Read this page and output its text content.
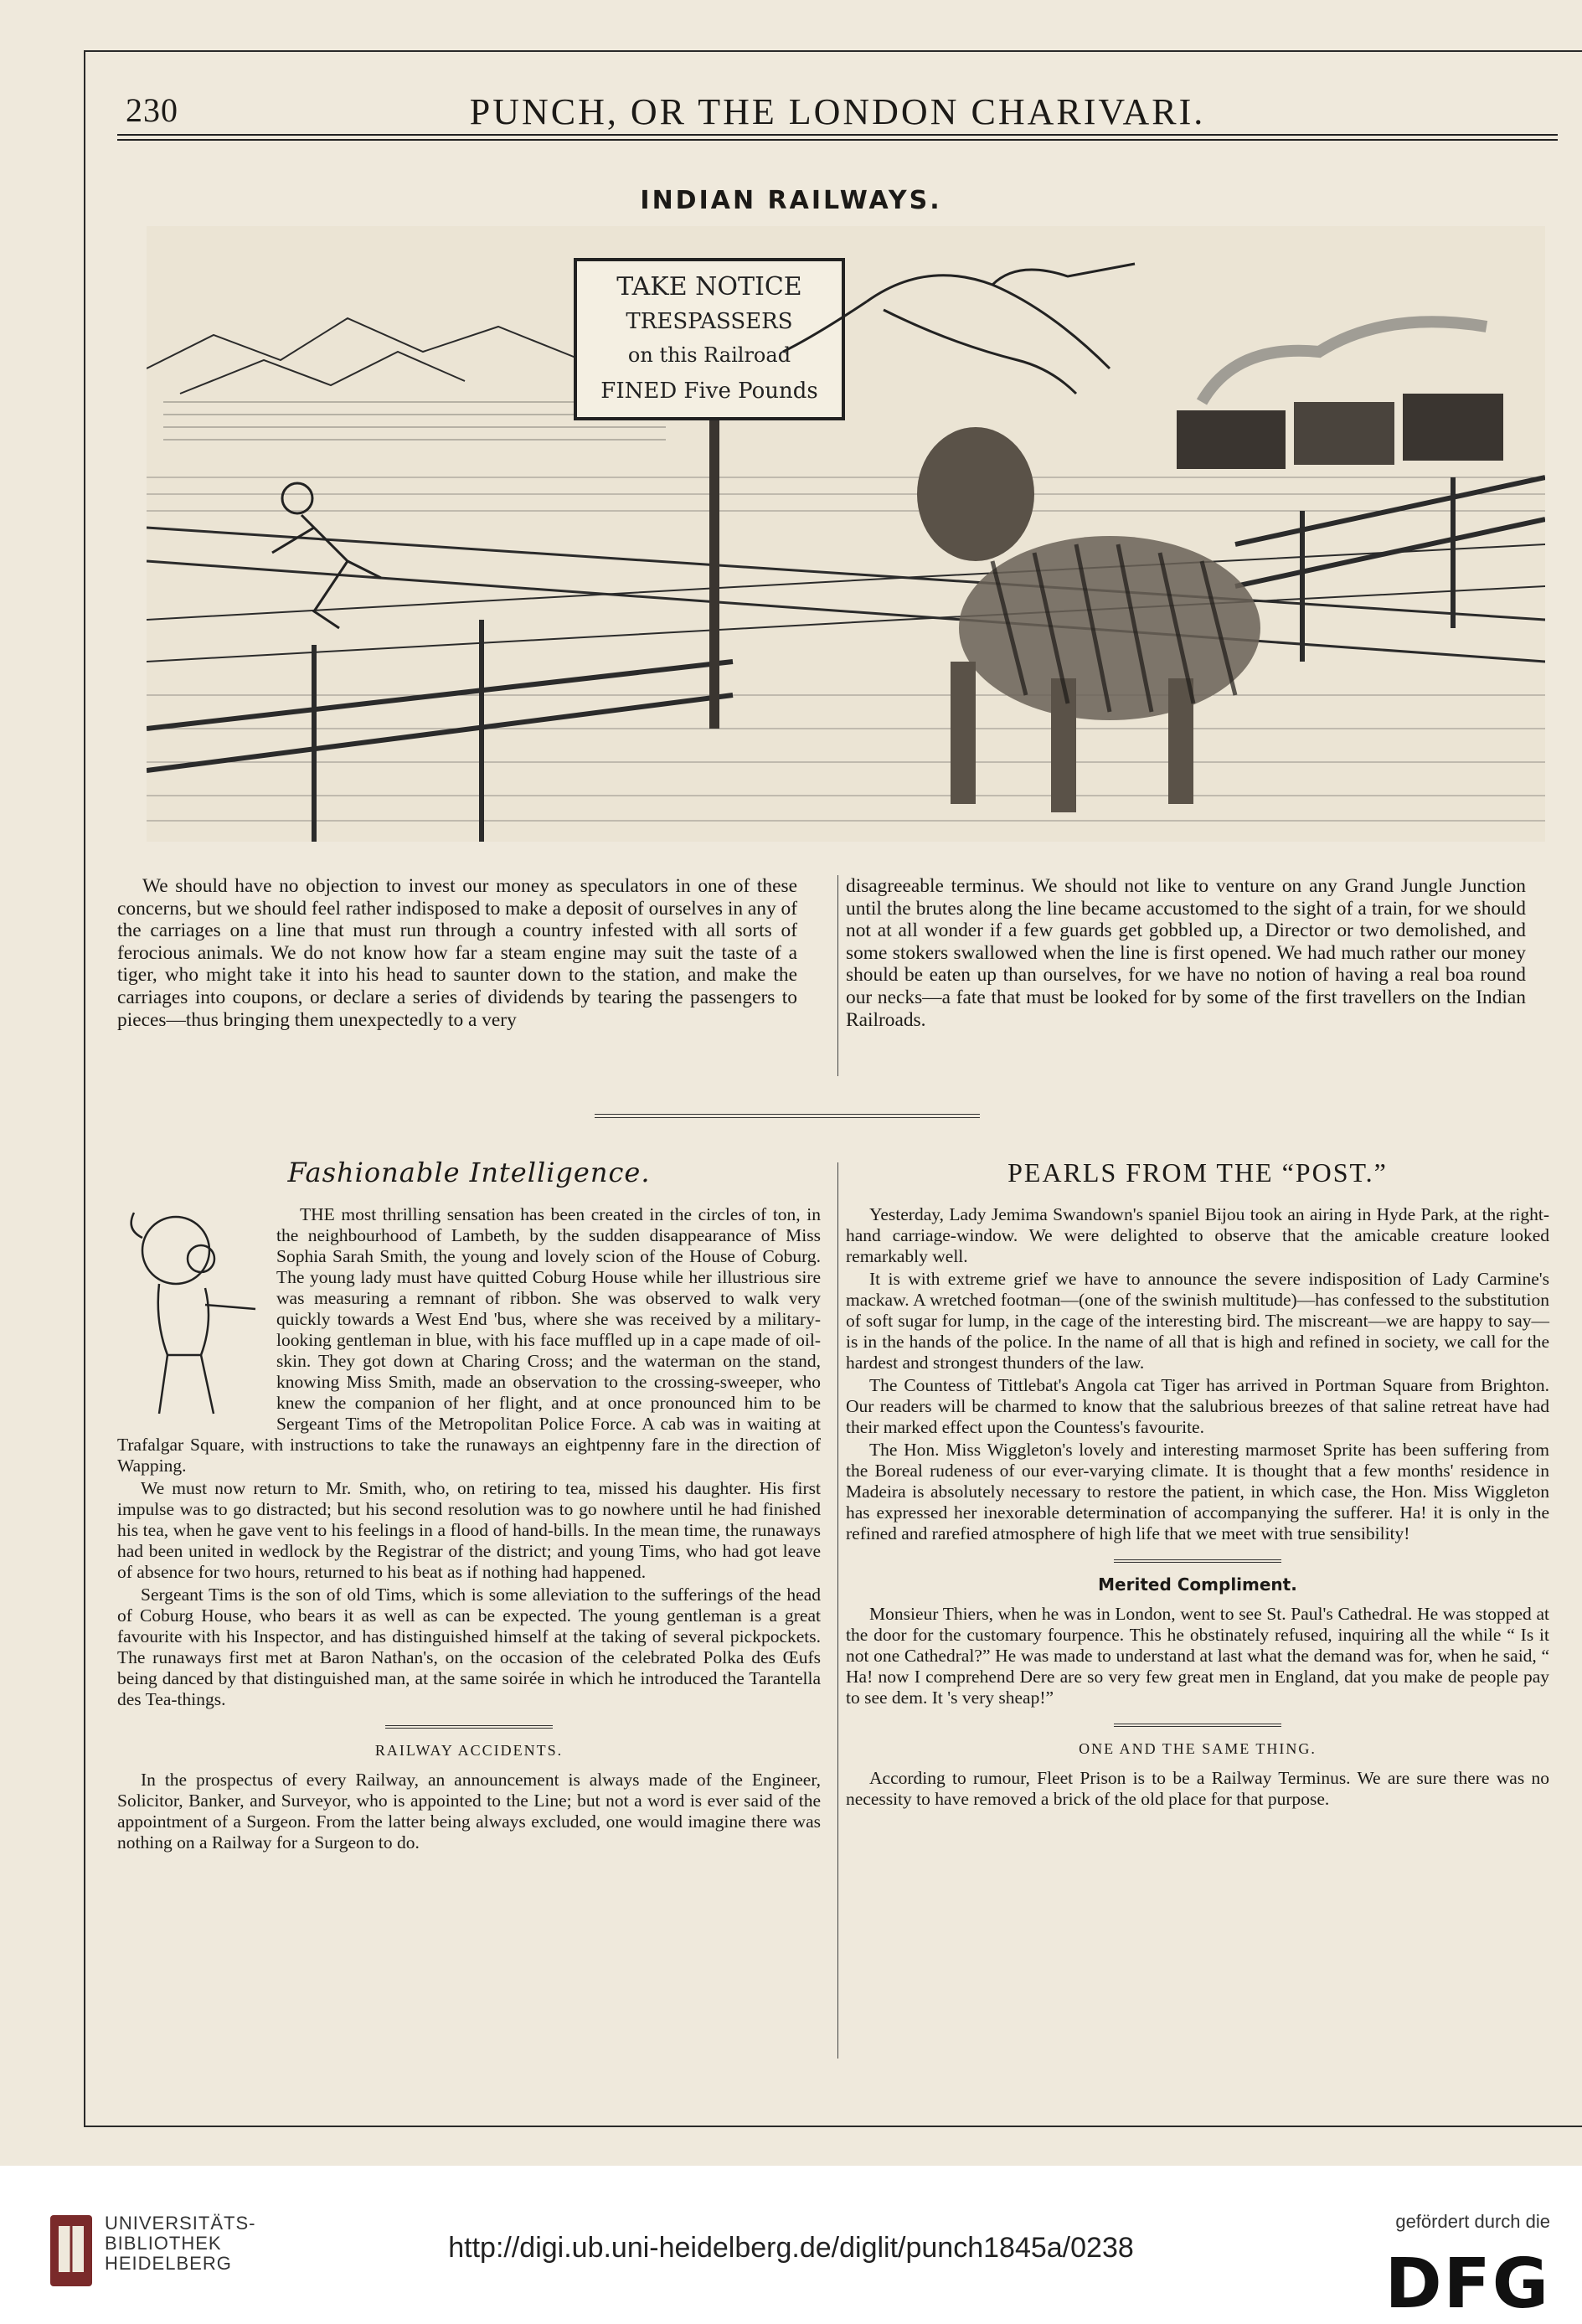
230	PUNCH, OR THE LONDON CHARIVARI.
INDIAN RAILWAYS.
TAKE NOTICE
TRESPASSERS
on this Railroad
FINED Five Pounds
We should have no objection to invest our money as speculators in one of these concerns, but we should feel rather indisposed to make a deposit of ourselves in any of the carriages on a line that must run through a country infested with all sorts of ferocious animals. We do not know how far a steam engine may suit the taste of a tiger, who might take it into his head to saunter down to the station, and make the carriages into coupons, or declare a series of dividends by tearing the passengers to pieces—thus bringing them unexpectedly to a very
disagreeable terminus. We should not like to venture on any Grand Jungle Junction until the brutes along the line became accustomed to the sight of a train, for we should not at all wonder if a few guards get gobbled up, a Director or two demolished, and some stokers swallowed when the line is first opened. We had much rather our money should be eaten up than ourselves, for we have no notion of having a real boa round our necks—a fate that must be looked for by some of the first travellers on the Indian Railroads.
Fashionable Intelligence.

THE most thrilling sensation has been created in the circles of ton, in the neighbourhood of Lambeth, by the sudden disappearance of Miss Sophia Sarah Smith, the young and lovely scion of the House of Coburg. The young lady must have quitted Coburg House while her illustrious sire was measuring a remnant of ribbon. She was observed to walk very quickly towards a West End 'bus, where she was received by a military-looking gentleman in blue, with his face muffled up in a cape made of oil-skin. They got down at Charing Cross; and the waterman on the stand, knowing Miss Smith, made an observation to the crossing-sweeper, who knew the companion of her flight, and at once pronounced him to be Sergeant Tims of the Metropolitan Police Force. A cab was in waiting at Trafalgar Square, with instructions to take the runaways an eightpenny fare in the direction of Wapping.

We must now return to Mr. Smith, who, on retiring to tea, missed his daughter. His first impulse was to go distracted; but his second resolution was to go nowhere until he had finished his tea, when he gave vent to his feelings in a flood of hand-bills. In the mean time, the runaways had been united in wedlock by the Registrar of the district; and young Tims, who had got leave of absence for two hours, returned to his beat as if nothing had happened.

Sergeant Tims is the son of old Tims, which is some alleviation to the sufferings of the head of Coburg House, who bears it as well as can be expected. The young gentleman is a great favourite with his Inspector, and has distinguished himself at the taking of several pickpockets. The runaways first met at Baron Nathan's, on the occasion of the celebrated Polka des Œufs being danced by that distinguished man, at the same soirée in which he introduced the Tarantella des Tea-things.

RAILWAY ACCIDENTS.

In the prospectus of every Railway, an announcement is always made of the Engineer, Solicitor, Banker, and Surveyor, who is appointed to the Line; but not a word is ever said of the appointment of a Surgeon. From the latter being always excluded, one would imagine there was nothing on a Railway for a Surgeon to do.

PEARLS FROM THE “POST.”

Yesterday, Lady Jemima Swandown's spaniel Bijou took an airing in Hyde Park, at the right-hand carriage-window. We were delighted to observe that the amicable creature looked remarkably well.

It is with extreme grief we have to announce the severe indisposition of Lady Carmine's mackaw. A wretched footman—(one of the swinish multitude)—has confessed to the substitution of soft sugar for lump, in the cage of the interesting bird. The miscreant—we are happy to say—is in the hands of the police. In the name of all that is high and refined in society, we call for the hardest and strongest thunders of the law.

The Countess of Tittlebat's Angola cat Tiger has arrived in Portman Square from Brighton. Our readers will be charmed to know that the salubrious breezes of that saline retreat have had their marked effect upon the Countess's favourite.

The Hon. Miss Wiggleton's lovely and interesting marmoset Sprite has been suffering from the Boreal rudeness of our ever-varying climate. It is thought that a few months' residence in Madeira is absolutely necessary to restore the patient, in which case, the Hon. Miss Wiggleton has expressed her inexorable determination of accompanying the sufferer. Ha! it is only in the refined and rarefied atmosphere of high life that we meet with true sensibility!

Merited Compliment.

Monsieur Thiers, when he was in London, went to see St. Paul's Cathedral. He was stopped at the door for the customary fourpence. This he obstinately refused, inquiring all the while “ Is it not one Cathedral?” He was made to understand at last what the demand was for, when he said, “ Ha! now I comprehend Dere are so very few great men in England, dat you make de people pay to see dem. It 's very sheap!”

ONE AND THE SAME THING.

According to rumour, Fleet Prison is to be a Railway Terminus. We are sure there was no necessity to have removed a brick of the old place for that purpose.

UNIVERSITÄTS-
BIBLIOTHEK
HEIDELBERG	http://digi.ub.uni-heidelberg.de/diglit/punch1845a/0238
gefördert durch die
DFG
